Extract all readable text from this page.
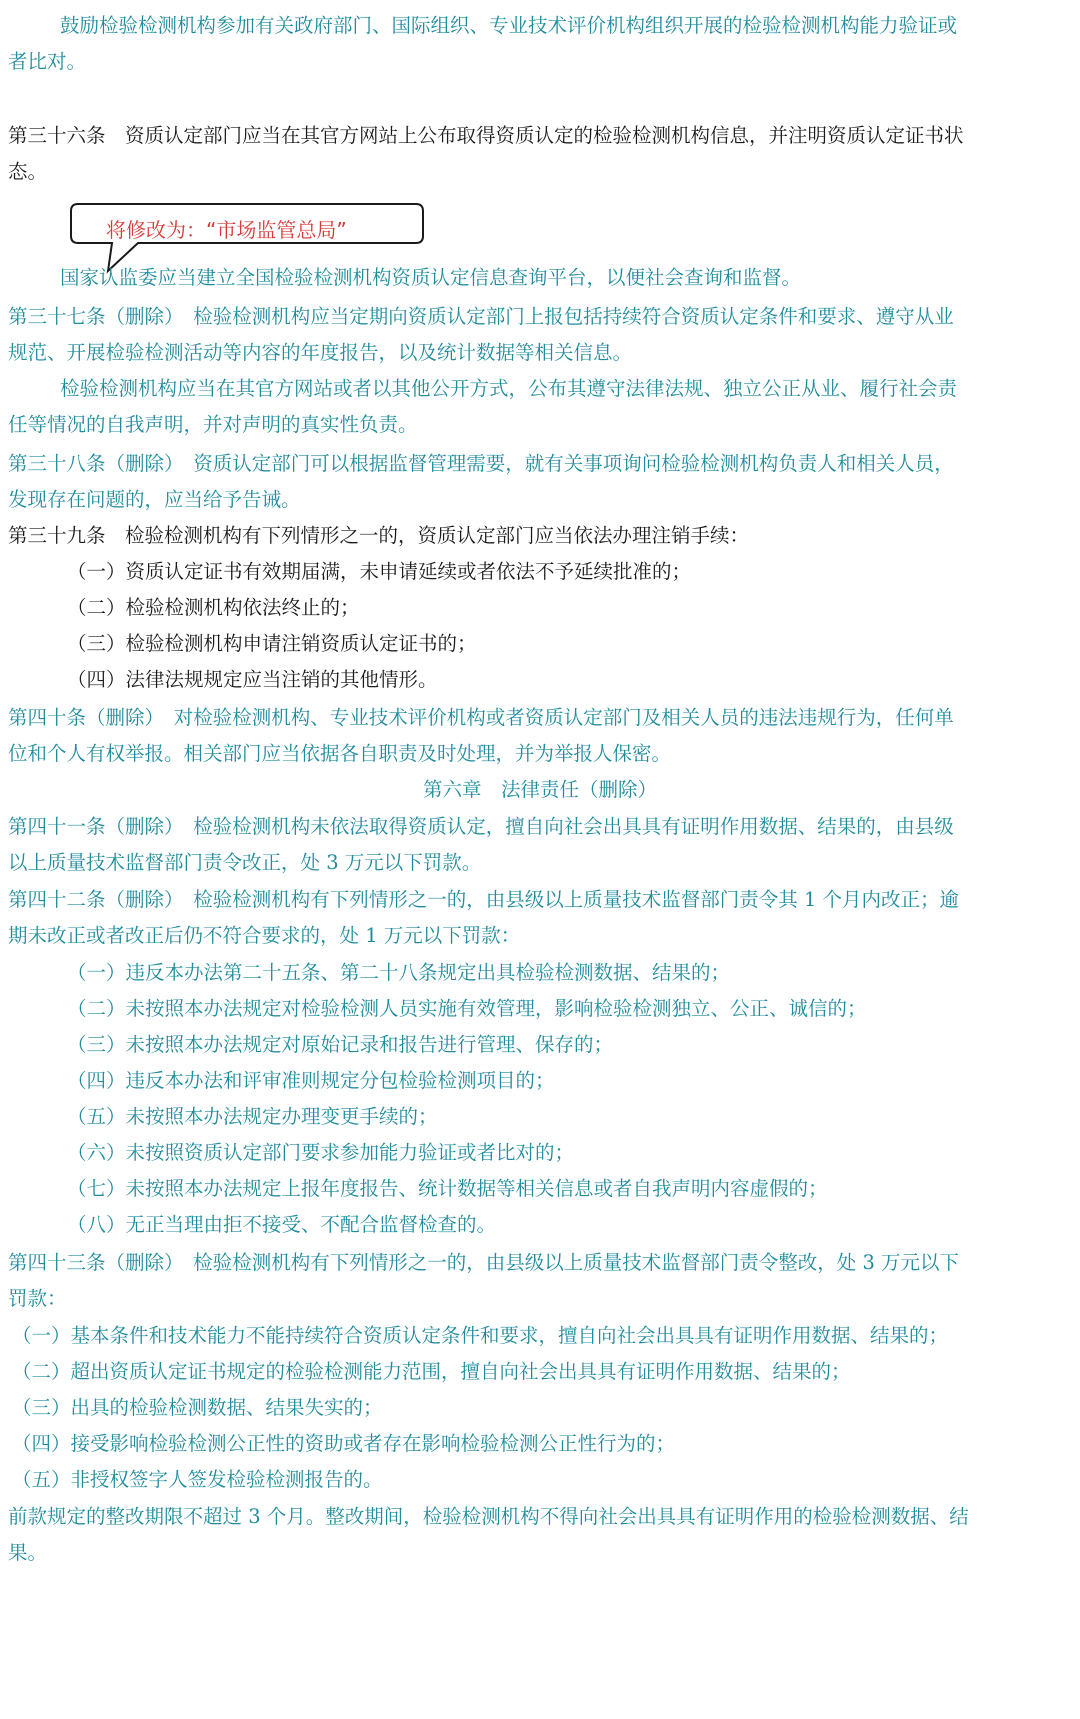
鼓励检验检测机构参加有关政府部门、国际组织、专业技术评价机构组织开展的检验检测机构能力验证或
者比对。
第三十六条　资质认定部门应当在其官方网站上公布取得资质认定的检验检测机构信息，并注明资质认定证书状
态。
将修改为：“市场监管总局”
国家认监委应当建立全国检验检测机构资质认定信息查询平台，以便社会查询和监督。
第三十七条（删除）　检验检测机构应当定期向资质认定部门上报包括持续符合资质认定条件和要求、遵守从业
规范、开展检验检测活动等内容的年度报告，以及统计数据等相关信息。
检验检测机构应当在其官方网站或者以其他公开方式，公布其遵守法律法规、独立公正从业、履行社会责
任等情况的自我声明，并对声明的真实性负责。
第三十八条（删除）　资质认定部门可以根据监督管理需要，就有关事项询问检验检测机构负责人和相关人员，
发现存在问题的，应当给予告诫。
第三十九条　检验检测机构有下列情形之一的，资质认定部门应当依法办理注销手续：
（一）资质认定证书有效期届满，未申请延续或者依法不予延续批准的；
（二）检验检测机构依法终止的；
（三）检验检测机构申请注销资质认定证书的；
（四）法律法规规定应当注销的其他情形。
第四十条（删除）　对检验检测机构、专业技术评价机构或者资质认定部门及相关人员的违法违规行为，任何单
位和个人有权举报。相关部门应当依据各自职责及时处理，并为举报人保密。
第六章　法律责任（删除）
第四十一条（删除）　检验检测机构未依法取得资质认定，擅自向社会出具具有证明作用数据、结果的，由县级
以上质量技术监督部门责令改正，处 3 万元以下罚款。
第四十二条（删除）　检验检测机构有下列情形之一的，由县级以上质量技术监督部门责令其 1 个月内改正；逾
期未改正或者改正后仍不符合要求的，处 1 万元以下罚款：
（一）违反本办法第二十五条、第二十八条规定出具检验检测数据、结果的；
（二）未按照本办法规定对检验检测人员实施有效管理，影响检验检测独立、公正、诚信的；
（三）未按照本办法规定对原始记录和报告进行管理、保存的；
（四）违反本办法和评审准则规定分包检验检测项目的；
（五）未按照本办法规定办理变更手续的；
（六）未按照资质认定部门要求参加能力验证或者比对的；
（七）未按照本办法规定上报年度报告、统计数据等相关信息或者自我声明内容虚假的；
（八）无正当理由拒不接受、不配合监督检查的。
第四十三条（删除）　检验检测机构有下列情形之一的，由县级以上质量技术监督部门责令整改，处 3 万元以下
罚款：
（一）基本条件和技术能力不能持续符合资质认定条件和要求，擅自向社会出具具有证明作用数据、结果的；
（二）超出资质认定证书规定的检验检测能力范围，擅自向社会出具具有证明作用数据、结果的；
（三）出具的检验检测数据、结果失实的；
（四）接受影响检验检测公正性的资助或者存在影响检验检测公正性行为的；
（五）非授权签字人签发检验检测报告的。
前款规定的整改期限不超过 3 个月。整改期间，检验检测机构不得向社会出具具有证明作用的检验检测数据、结
果。
